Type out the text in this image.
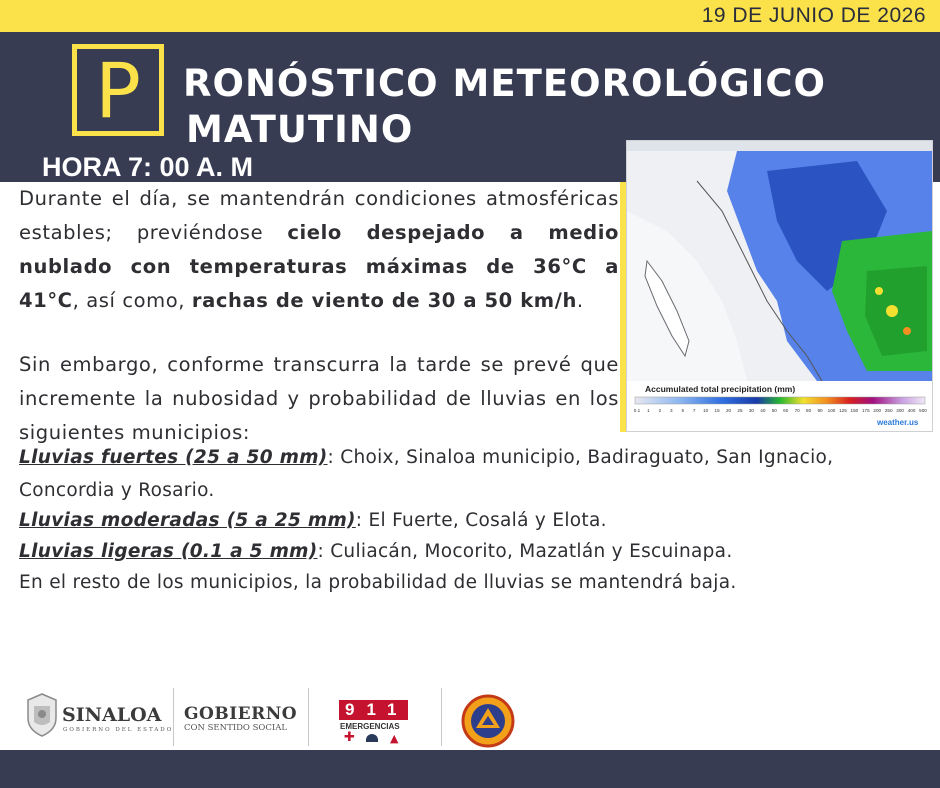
19 DE JUNIO DE 2026
P	RONÓSTICO METEOROLÓGICO
MATUTINO
HORA 7: 00 A. M
Accumulated total precipitation (mm)
0.1 1 2 3 5 7 10 15 20 25 30 40 50 60 70 80 90 100 125 150 175 200 250 300 400 500
weather.us
Durante el día, se mantendrán condiciones atmosféricas estables; previéndose cielo despejado a medio nublado con temperaturas máximas de 36°C a 41°C, así como, rachas de viento de 30 a 50 km/h.
Sin embargo, conforme transcurra la tarde se prevé que incremente la nubosidad y probabilidad de lluvias en los siguientes municipios:
Lluvias fuertes (25 a 50 mm): Choix, Sinaloa municipio, Badiraguato, San Ignacio,
Concordia y Rosario.
Lluvias moderadas (5 a 25 mm): El Fuerte, Cosalá y Elota.
Lluvias ligeras (0.1 a 5 mm): Culiacán, Mocorito, Mazatlán y Escuinapa.
En el resto de los municipios, la probabilidad de lluvias se mantendrá baja.
SINALOA
GOBIERNO DEL ESTADO
GOBIERNO
CON SENTIDO SOCIAL
911
EMERGENCIAS
✚	▲
